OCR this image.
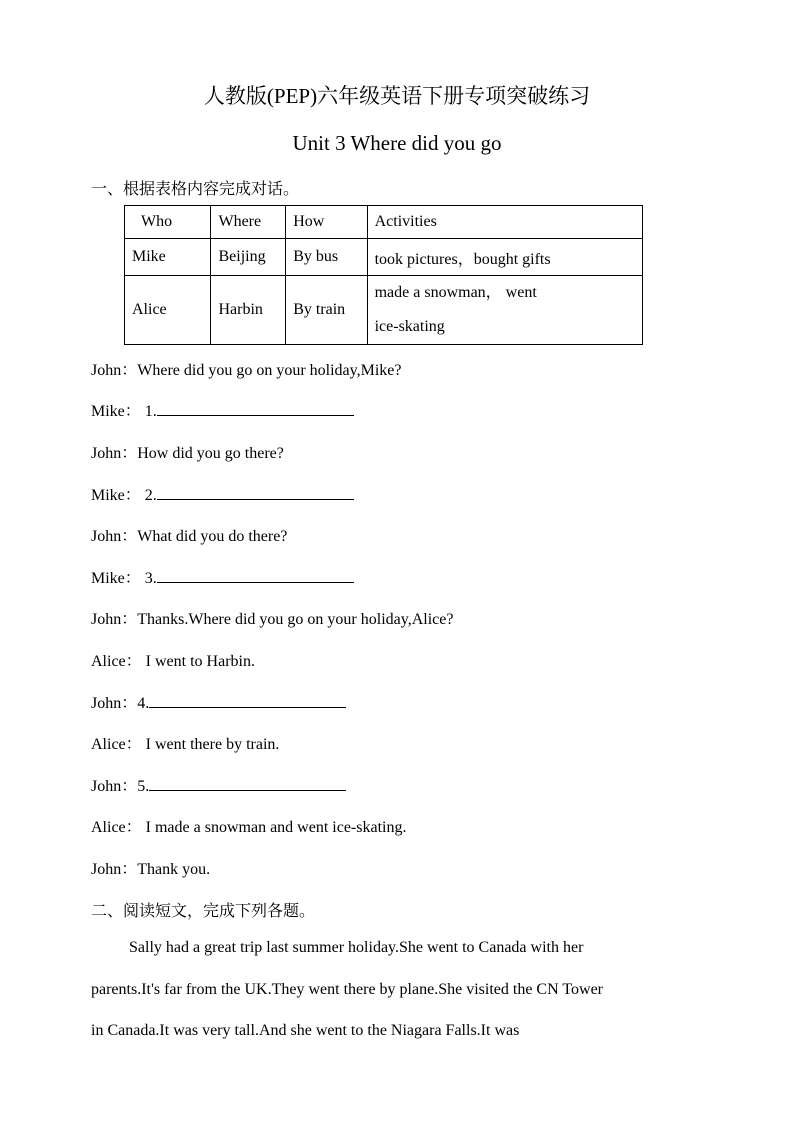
人教版(PEP)六年级英语下册专项突破练习
Unit 3 Where did you go
一、根据表格内容完成对话。
Who	Where	How	Activities
Mike	Beijing	By bus	took pictures，bought gifts
Alice	Harbin	By train	made a snowman， went
ice-skating
John：Where did you go on your holiday,Mike?
Mike： 1.
John：How did you go there?
Mike： 2.
John：What did you do there?
Mike： 3.
John：Thanks.Where did you go on your holiday,Alice?
Alice： I went to Harbin.
John：4.
Alice： I went there by train.
John：5.
Alice： I made a snowman and went ice-skating.
John：Thank you.
二、阅读短文，完成下列各题。
Sally had a great trip last summer holiday.She went to Canada with her
parents.It's far from the UK.They went there by plane.She visited the CN Tower
in Canada.It was very tall.And she went to the Niagara Falls.It was
